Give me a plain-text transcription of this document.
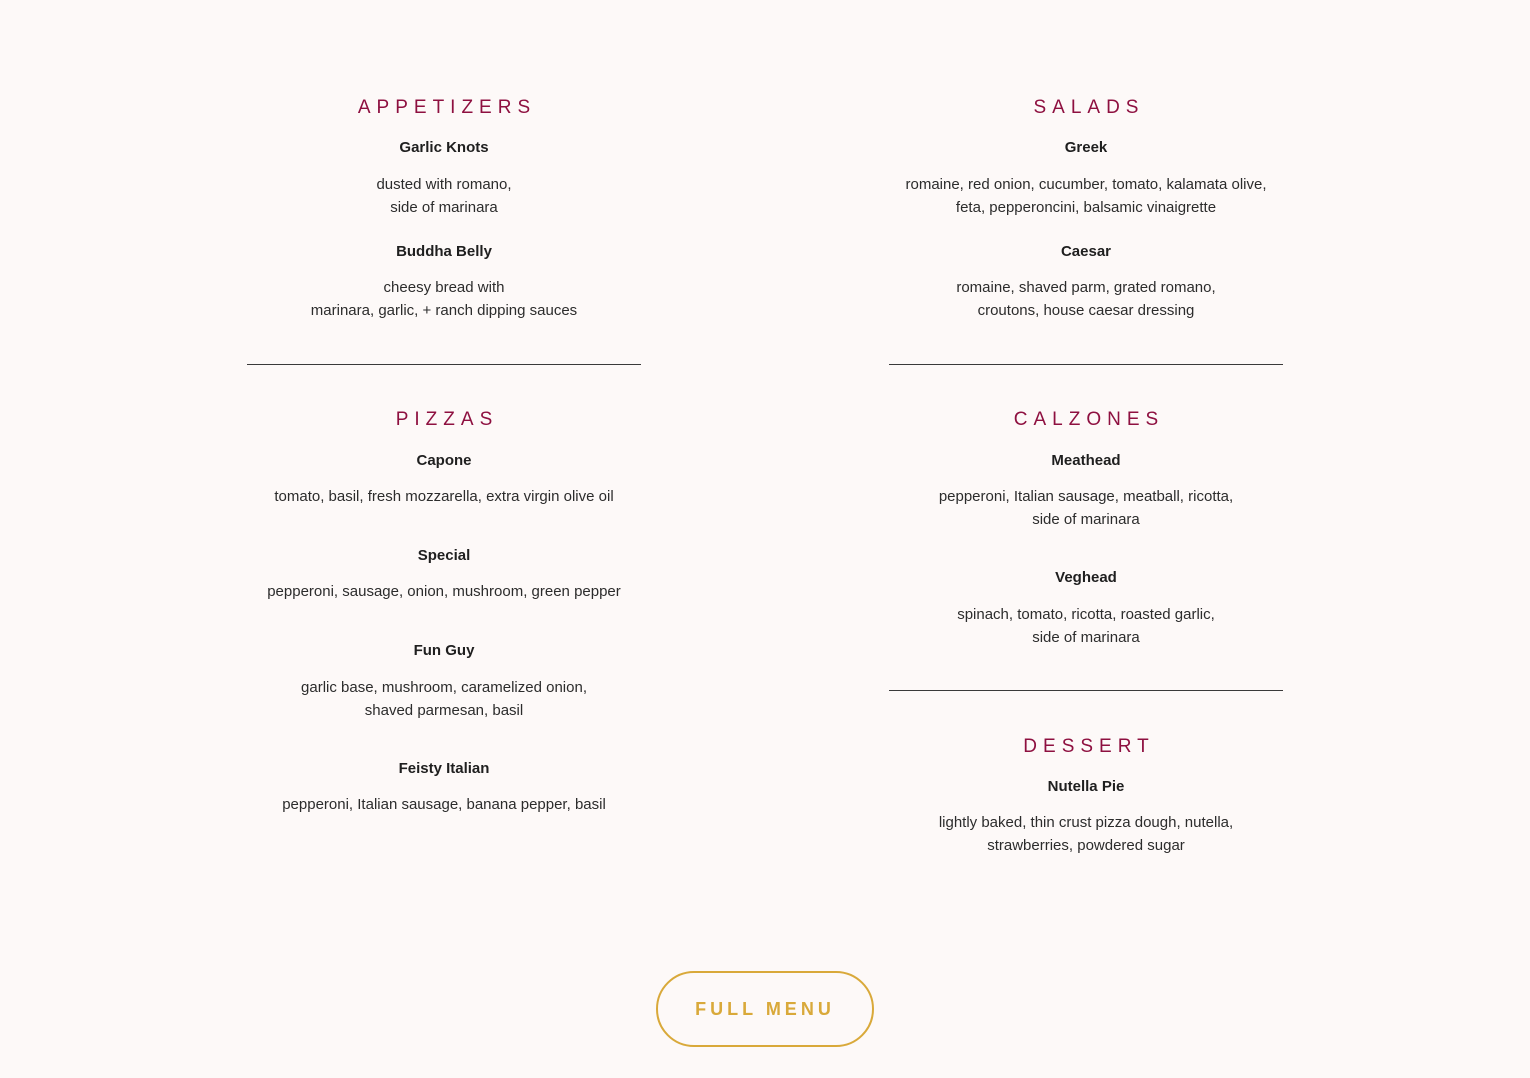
APPETIZERS

Garlic Knots

dusted with romano,
side of marinara

Buddha Belly

cheesy bread with
marinara, garlic, + ranch dipping sauces

PIZZAS

Capone

tomato, basil, fresh mozzarella, extra virgin olive oil

Special

pepperoni, sausage, onion, mushroom, green pepper

Fun Guy

garlic base, mushroom, caramelized onion,
shaved parmesan, basil

Feisty Italian

pepperoni, Italian sausage, banana pepper, basil

SALADS

Greek

romaine, red onion, cucumber, tomato, kalamata olive,
feta, pepperoncini, balsamic vinaigrette

Caesar

romaine, shaved parm, grated romano,
croutons, house caesar dressing

CALZONES

Meathead

pepperoni, Italian sausage, meatball, ricotta,
side of marinara

Veghead

spinach, tomato, ricotta, roasted garlic,
side of marinara

DESSERT

Nutella Pie

lightly baked, thin crust pizza dough, nutella,
strawberries, powdered sugar

FULL MENU
